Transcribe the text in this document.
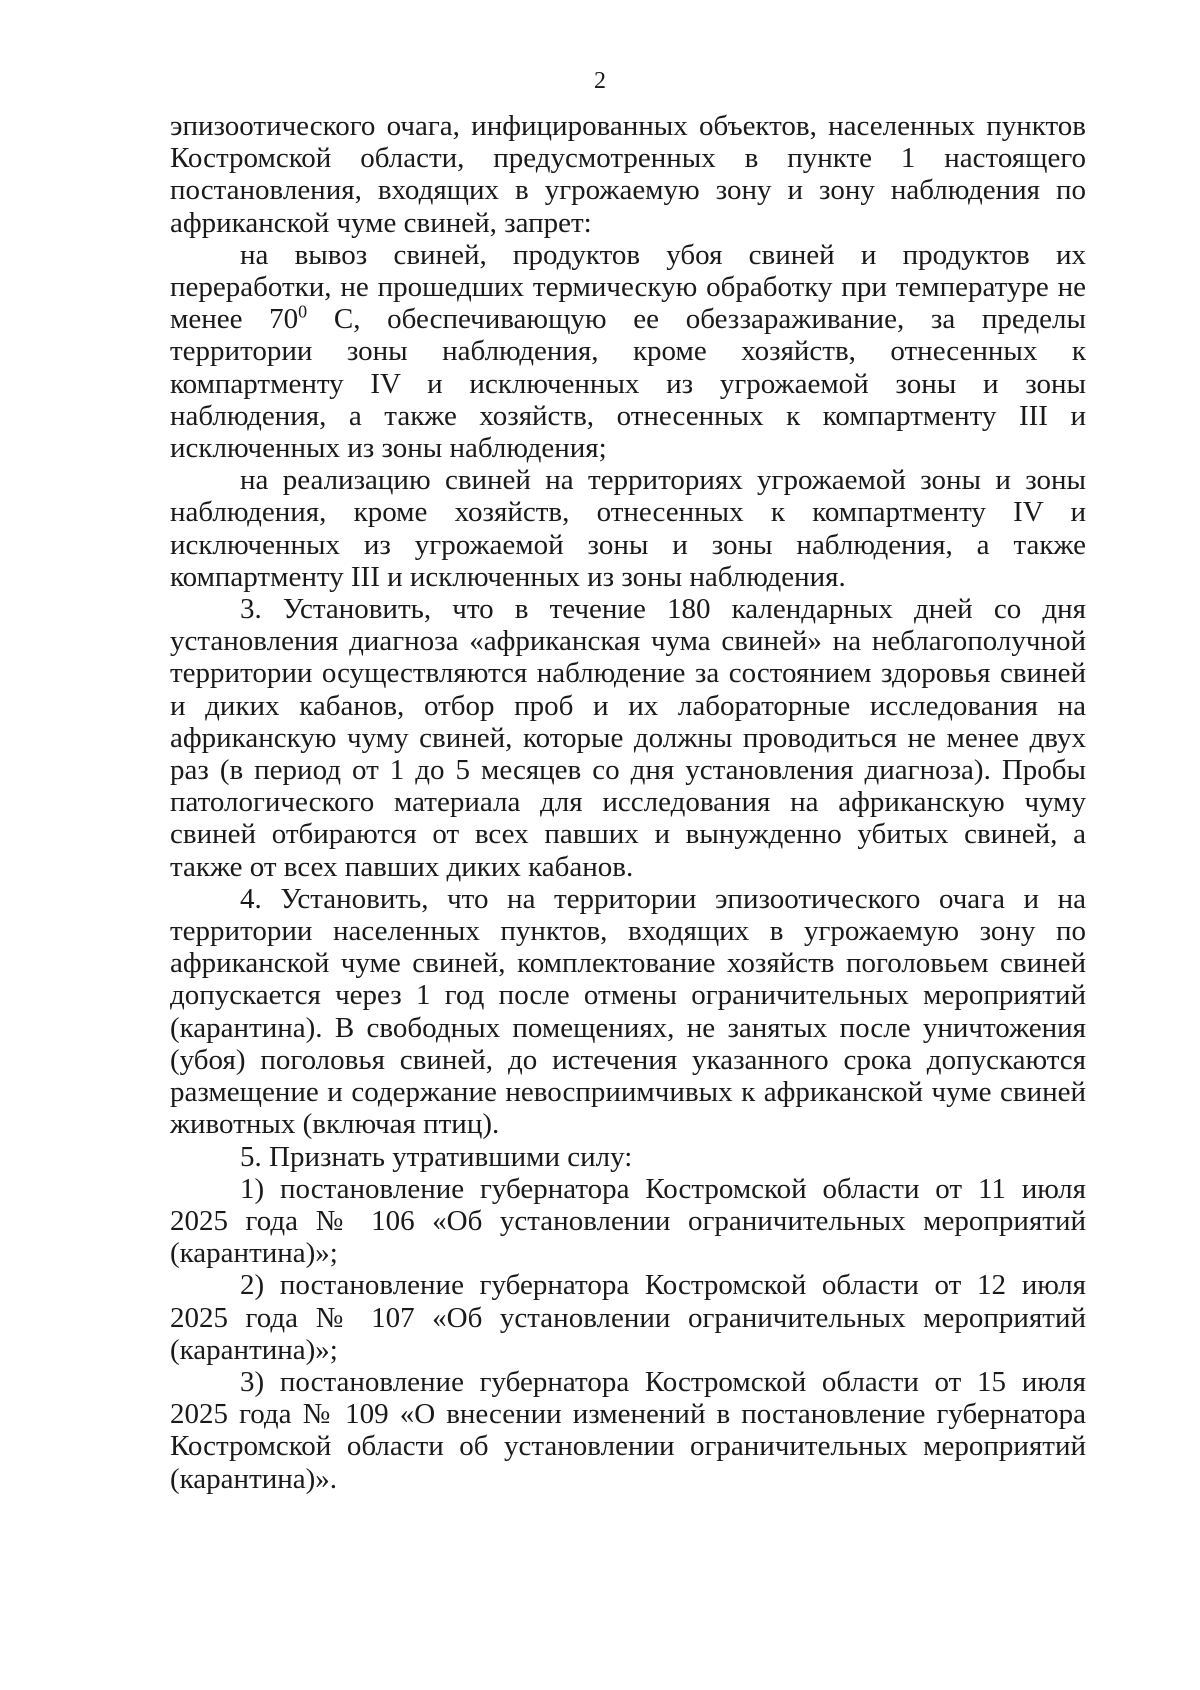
2

эпизоотического очага, инфицированных объектов, населенных пунктов Костромской области, предусмотренных в пункте 1 настоящего постановления, входящих в угрожаемую зону и зону наблюдения по африканской чуме свиней, запрет:

на вывоз свиней, продуктов убоя свиней и продуктов их переработки, не прошедших термическую обработку при температуре не менее $70^0$ С, обеспечивающую ее обеззараживание, за пределы территории зоны наблюдения, кроме хозяйств, отнесенных к компартменту IV и исключенных из угрожаемой зоны и зоны наблюдения, а также хозяйств, отнесенных к компартменту III и исключенных из зоны наблюдения;

на реализацию свиней на территориях угрожаемой зоны и зоны наблюдения, кроме хозяйств, отнесенных к компартменту IV и исключенных из угрожаемой зоны и зоны наблюдения, а также компартменту III и исключенных из зоны наблюдения.

3. Установить, что в течение 180 календарных дней со дня установления диагноза «африканская чума свиней» на неблагополучной территории осуществляются наблюдение за состоянием здоровья свиней и диких кабанов, отбор проб и их лабораторные исследования на африканскую чуму свиней, которые должны проводиться не менее двух раз (в период от 1 до 5 месяцев со дня установления диагноза). Пробы патологического материала для исследования на африканскую чуму свиней отбираются от всех павших и вынужденно убитых свиней, а также от всех павших диких кабанов.

4. Установить, что на территории эпизоотического очага и на территории населенных пунктов, входящих в угрожаемую зону по африканской чуме свиней, комплектование хозяйств поголовьем свиней допускается через 1 год после отмены ограничительных мероприятий (карантина). В свободных помещениях, не занятых после уничтожения (убоя) поголовья свиней, до истечения указанного срока допускаются размещение и содержание невосприимчивых к африканской чуме свиней животных (включая птиц).

5. Признать утратившими силу:

1) постановление губернатора Костромской области от 11 июля 2025 года № 106 «Об установлении ограничительных мероприятий (карантина)»;

2) постановление губернатора Костромской области от 12 июля 2025 года № 107 «Об установлении ограничительных мероприятий (карантина)»;

3) постановление губернатора Костромской области от 15 июля 2025 года № 109 «О внесении изменений в постановление губернатора Костромской области об установлении ограничительных мероприятий (карантина)».
